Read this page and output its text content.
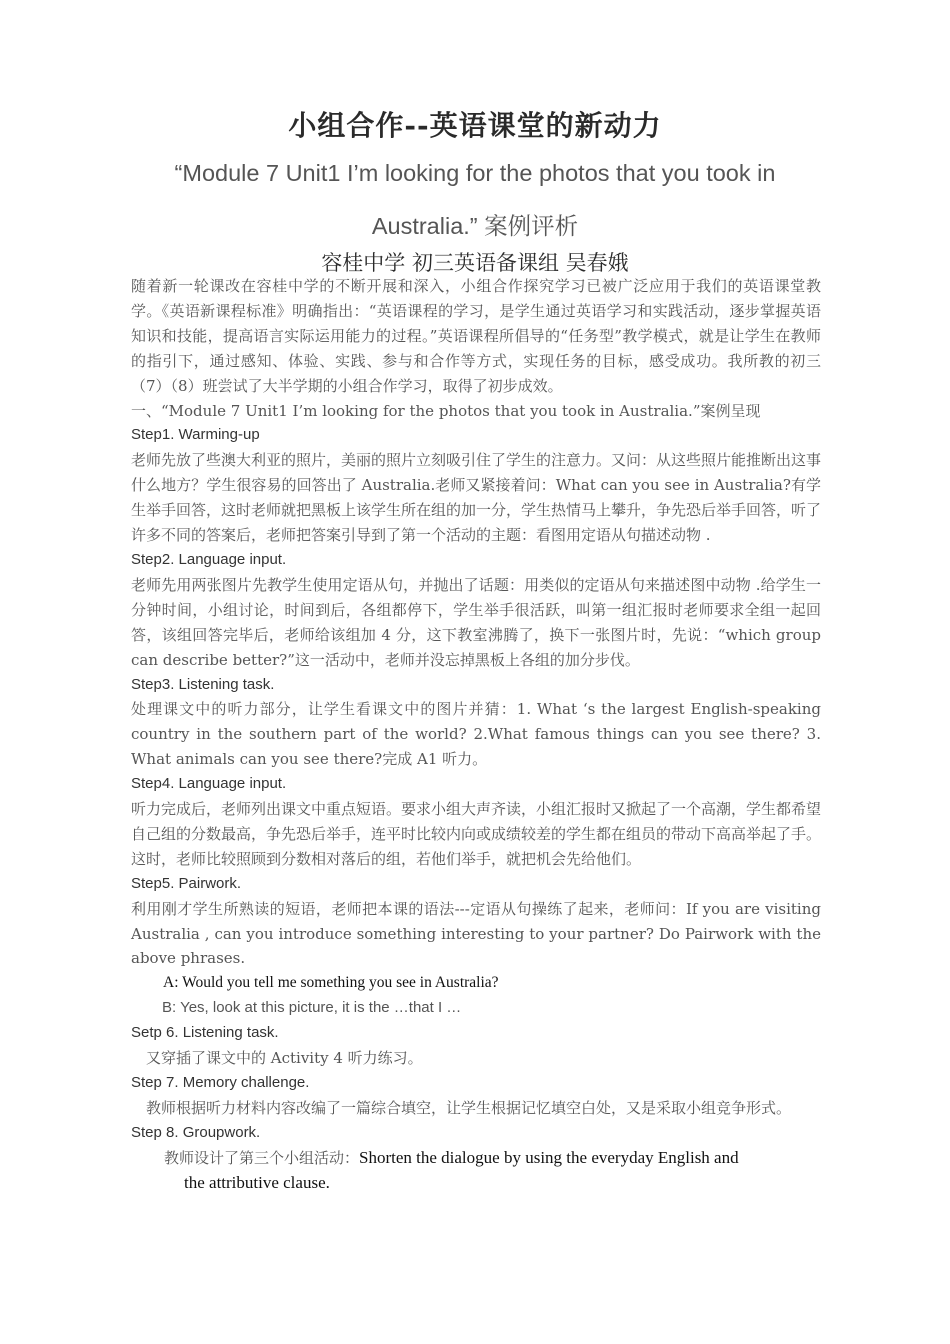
小组合作--英语课堂的新动力
“Module 7 Unit1 I’m looking for the photos that you took in
Australia.” 案例评析
容桂中学 初三英语备课组 吴春娥

随着新一轮课改在容桂中学的不断开展和深入，小组合作探究学习已被广泛应用于我们的英语课堂教学。《英语新课程标准》明确指出：“英语课程的学习，是学生通过英语学习和实践活动，逐步掌握英语知识和技能，提高语言实际运用能力的过程。”英语课程所倡导的“任务型”教学模式，就是让学生在教师的指引下，通过感知、体验、实践、参与和合作等方式，实现任务的目标，感受成功。我所教的初三（7）（8）班尝试了大半学期的小组合作学习，取得了初步成效。

一、“Module 7 Unit1 I’m looking for the photos that you took in Australia.”案例呈现

Step1. Warming-up

老师先放了些澳大利亚的照片，美丽的照片立刻吸引住了学生的注意力。又问：从这些照片能推断出这事什么地方？学生很容易的回答出了 Australia.老师又紧接着问：What can you see in Australia?有学生举手回答，这时老师就把黑板上该学生所在组的加一分，学生热情马上攀升，争先恐后举手回答，听了许多不同的答案后，老师把答案引导到了第一个活动的主题：看图用定语从句描述动物 .

Step2. Language input.

老师先用两张图片先教学生使用定语从句，并抛出了话题：用类似的定语从句来描述图中动物 .给学生一分钟时间，小组讨论，时间到后，各组都停下，学生举手很活跃，叫第一组汇报时老师要求全组一起回答，该组回答完毕后，老师给该组加 4 分，这下教室沸腾了，换下一张图片时，先说：“which group can describe better?”这一活动中，老师并没忘掉黑板上各组的加分步伐。

Step3. Listening task.

处理课文中的听力部分，让学生看课文中的图片并猜：1. What ‘s the largest English-speaking country in the southern part of the world? 2.What famous things can you see there? 3. What animals can you see there?完成 A1 听力。

Step4. Language input.

听力完成后，老师列出课文中重点短语。要求小组大声齐读，小组汇报时又掀起了一个高潮，学生都希望自己组的分数最高，争先恐后举手，连平时比较内向或成绩较差的学生都在组员的带动下高高举起了手。这时，老师比较照顾到分数相对落后的组，若他们举手，就把机会先给他们。

Step5. Pairwork.

利用刚才学生所熟读的短语，老师把本课的语法---定语从句操练了起来，老师问：If you are visiting Australia , can you introduce something interesting to your partner? Do Pairwork with the above phrases.

A: Would you tell me something you see in Australia?

B: Yes, look at this picture, it is the …that I …

Setp 6. Listening task.

又穿插了课文中的 Activity 4 听力练习。

Step 7. Memory challenge.

教师根据听力材料内容改编了一篇综合填空，让学生根据记忆填空白处，又是采取小组竞争形式。

Step 8. Groupwork.

教师设计了第三个小组活动：Shorten the dialogue by using the everyday English and

the attributive clause.
